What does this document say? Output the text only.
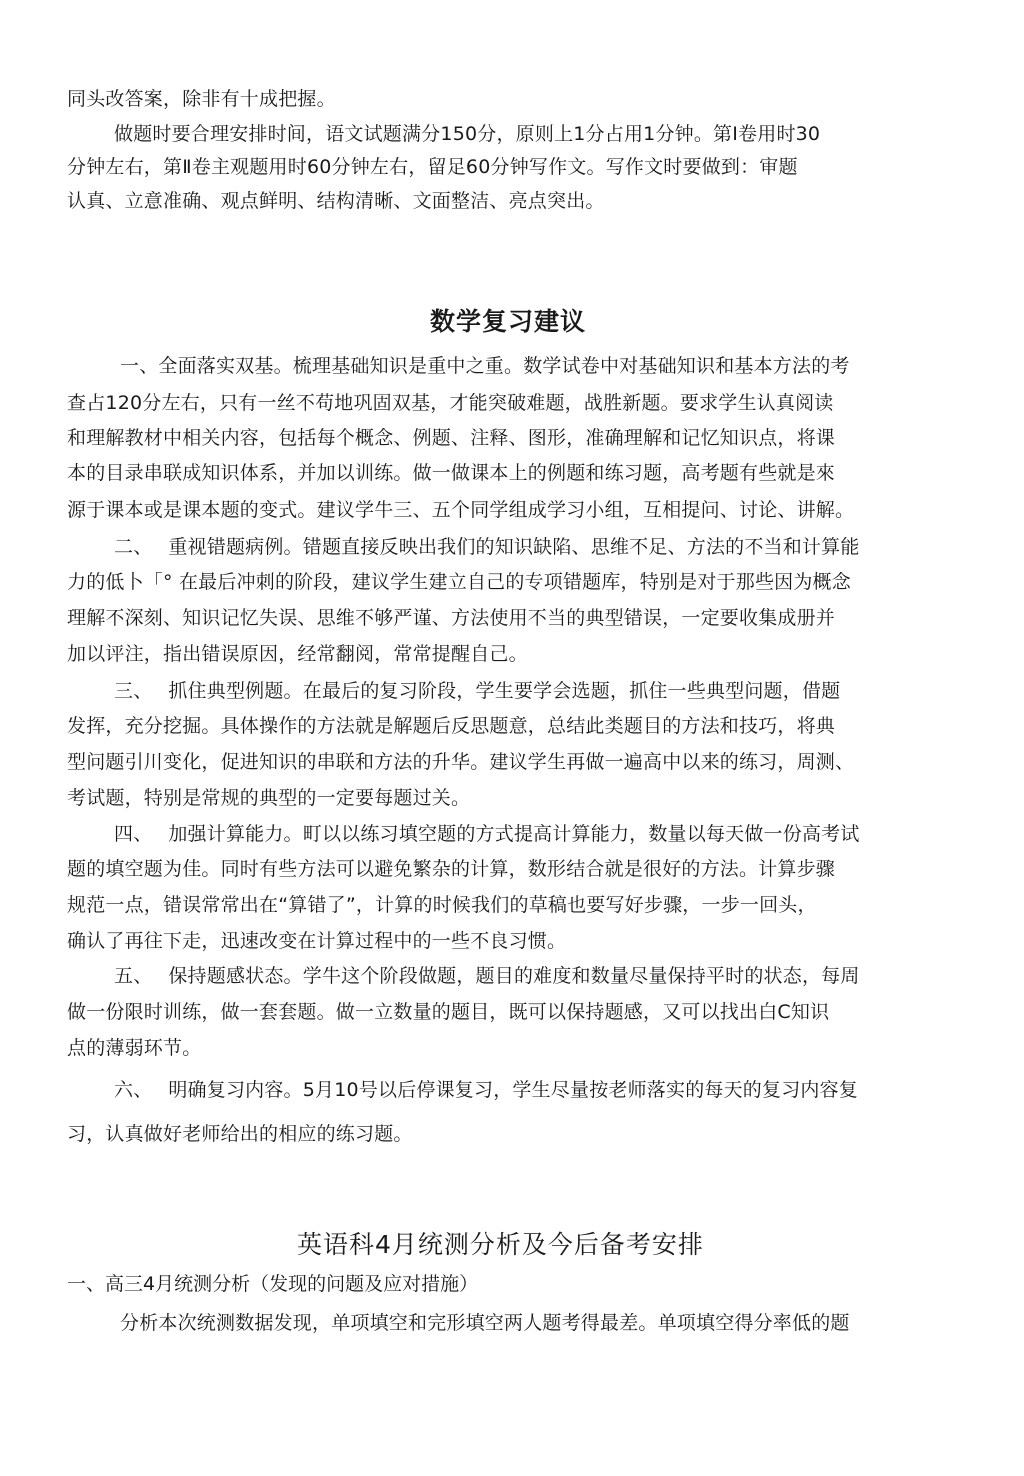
同头改答案，除非有十成把握。
做题时要合理安排时间，语文试题满分150分，原则上1分占用1分钟。第Ⅰ卷用时30
分钟左右，第Ⅱ卷主观题用时60分钟左右，留足60分钟写作文。写作文时要做到：审题
认真、立意准确、观点鲜明、结构清晰、文面整洁、亮点突出。
数学复习建议
一、全面落实双基。梳理基础知识是重中之重。数学试卷中对基础知识和基本方法的考
查占120分左右，只有一丝不苟地巩固双基，才能突破难题，战胜新题。要求学生认真阅读
和理解教材中相关内容，包括每个概念、例题、注释、图形，准确理解和记忆知识点，将课
本的目录串联成知识体系，并加以训练。做一做课本上的例题和练习题，高考题有些就是來
源于课本或是课本题的变式。建议学牛三、五个同学组成学习小组，互相提问、讨论、讲解。
二、　 重视错题病例。错题直接反映出我们的知识缺陷、思维不足、方法的不当和计算能
力的低卜「° 在最后冲刺的阶段，建议学生建立自己的专项错题库，特别是对于那些因为概念
理解不深刻、知识记忆失误、思维不够严谨、方法使用不当的典型错误，一定要收集成册并
加以评注，指出错误原因，经常翻阅，常常提醒自己。
三、　 抓住典型例题。在最后的复习阶段，学生要学会选题，抓住一些典型问题，借题
发挥，充分挖掘。具体操作的方法就是解题后反思题意，总结此类题目的方法和技巧，将典
型问题引川变化，促进知识的串联和方法的升华。建议学生再做一遍高中以来的练习，周测、
考试题，特别是常规的典型的一定要每题过关。
四、　 加强计算能力。町以以练习填空题的方式提高计算能力，数量以每天做一份高考试
题的填空题为佳。同时有些方法可以避免繁杂的计算，数形结合就是很好的方法。计算步骤
规范一点，错误常常出在“算错了”，计算的时候我们的草稿也要写好步骤，一步一回头，
确认了再往下走，迅速改变在计算过程中的一些不良习惯。
五、　 保持题感状态。学牛这个阶段做题，题目的难度和数量尽量保持平时的状态，每周
做一份限时训练，做一套套题。做一立数量的题目，既可以保持题感，又可以找出白C知识
点的薄弱环节。
六、　 明确复习内容。5月10号以后停课复习，学生尽量按老师落实的每天的复习内容复
习，认真做好老师给出的相应的练习题。
英语科4月统测分析及今后备考安排
一、高三4月统测分析（发现的问题及应对措施）
分析本次统测数据发现，单项填空和完形填空两人题考得最差。单项填空得分率低的题
